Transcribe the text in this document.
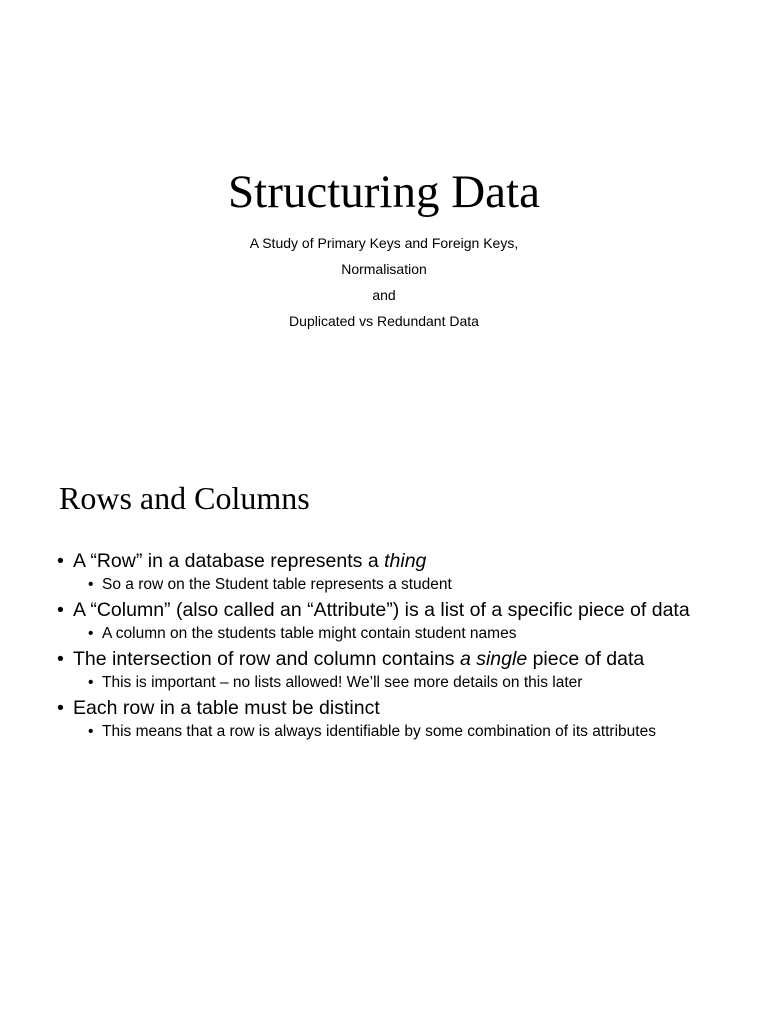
Structuring Data
A Study of Primary Keys and Foreign Keys,
Normalisation
and
Duplicated vs Redundant Data
Rows and Columns
• A “Row” in a database represents a thing
• So a row on the Student table represents a student
• A “Column” (also called an “Attribute”) is a list of a specific piece of data
• A column on the students table might contain student names
• The intersection of row and column contains a single piece of data
• This is important – no lists allowed! We’ll see more details on this later
• Each row in a table must be distinct
• This means that a row is always identifiable by some combination of its attributes
